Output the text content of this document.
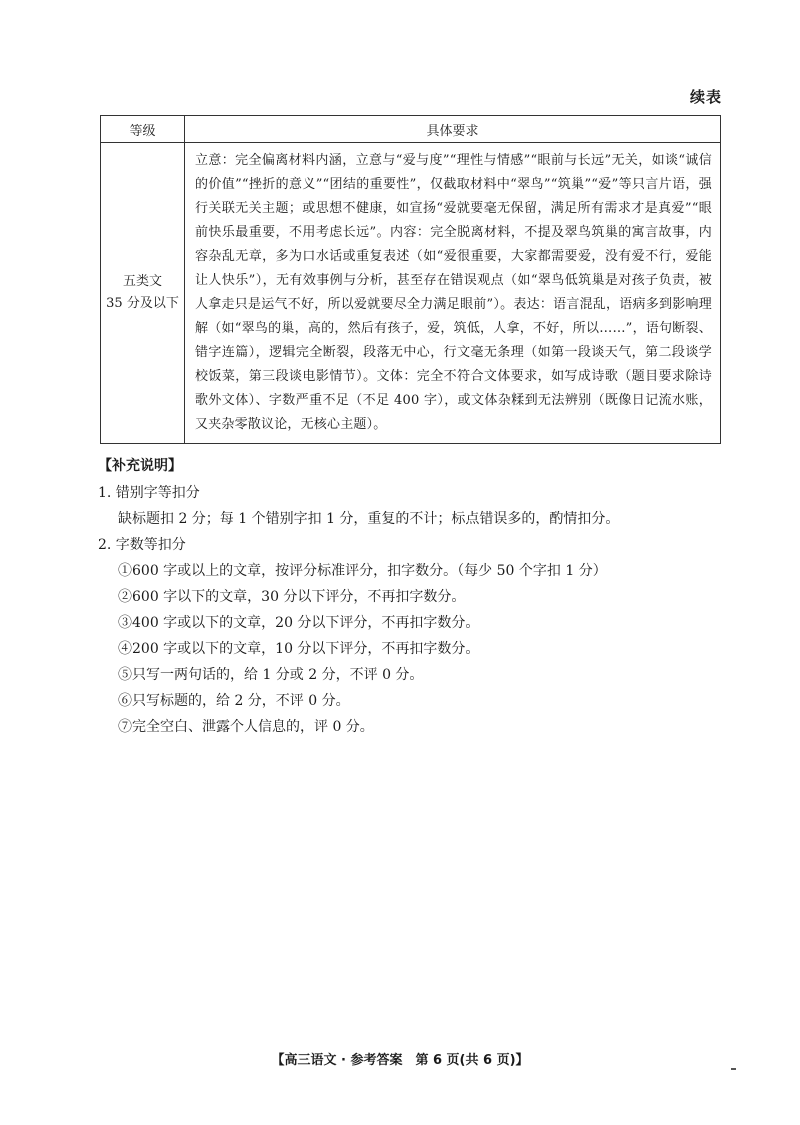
续表
等级	具体要求

五类文
35 分及以下	立意：完全偏离材料内涵，立意与“爱与度”“理性与情感”“眼前与长远”无关，如谈“诚信的价值”“挫折的意义”“团结的重要性”，仅截取材料中“翠鸟”“筑巢”“爱”等只言片语，强行关联无关主题；或思想不健康，如宣扬“爱就要毫无保留，满足所有需求才是真爱”“眼前快乐最重要，不用考虑长远”。内容：完全脱离材料，不提及翠鸟筑巢的寓言故事，内容杂乱无章，多为口水话或重复表述（如“爱很重要，大家都需要爱，没有爱不行，爱能让人快乐”），无有效事例与分析，甚至存在错误观点（如“翠鸟低筑巢是对孩子负责，被人拿走只是运气不好，所以爱就要尽全力满足眼前”）。表达：语言混乱，语病多到影响理解（如“翠鸟的巢，高的，然后有孩子，爱，筑低，人拿，不好，所以……”，语句断裂、错字连篇），逻辑完全断裂，段落无中心，行文毫无条理（如第一段谈天气，第二段谈学校饭菜，第三段谈电影情节）。文体：完全不符合文体要求，如写成诗歌（题目要求除诗歌外文体）、字数严重不足（不足 400 字），或文体杂糅到无法辨别（既像日记流水账，又夹杂零散议论，无核心主题）。
【补充说明】
1. 错别字等扣分
缺标题扣 2 分；每 1 个错别字扣 1 分，重复的不计；标点错误多的，酌情扣分。
2. 字数等扣分
①600 字或以上的文章，按评分标准评分，扣字数分。（每少 50 个字扣 1 分）
②600 字以下的文章，30 分以下评分，不再扣字数分。
③400 字或以下的文章，20 分以下评分，不再扣字数分。
④200 字或以下的文章，10 分以下评分，不再扣字数分。
⑤只写一两句话的，给 1 分或 2 分，不评 0 分。
⑥只写标题的，给 2 分，不评 0 分。
⑦完全空白、泄露个人信息的，评 0 分。
【高三语文 · 参考答案　第 6 页(共 6 页)】
